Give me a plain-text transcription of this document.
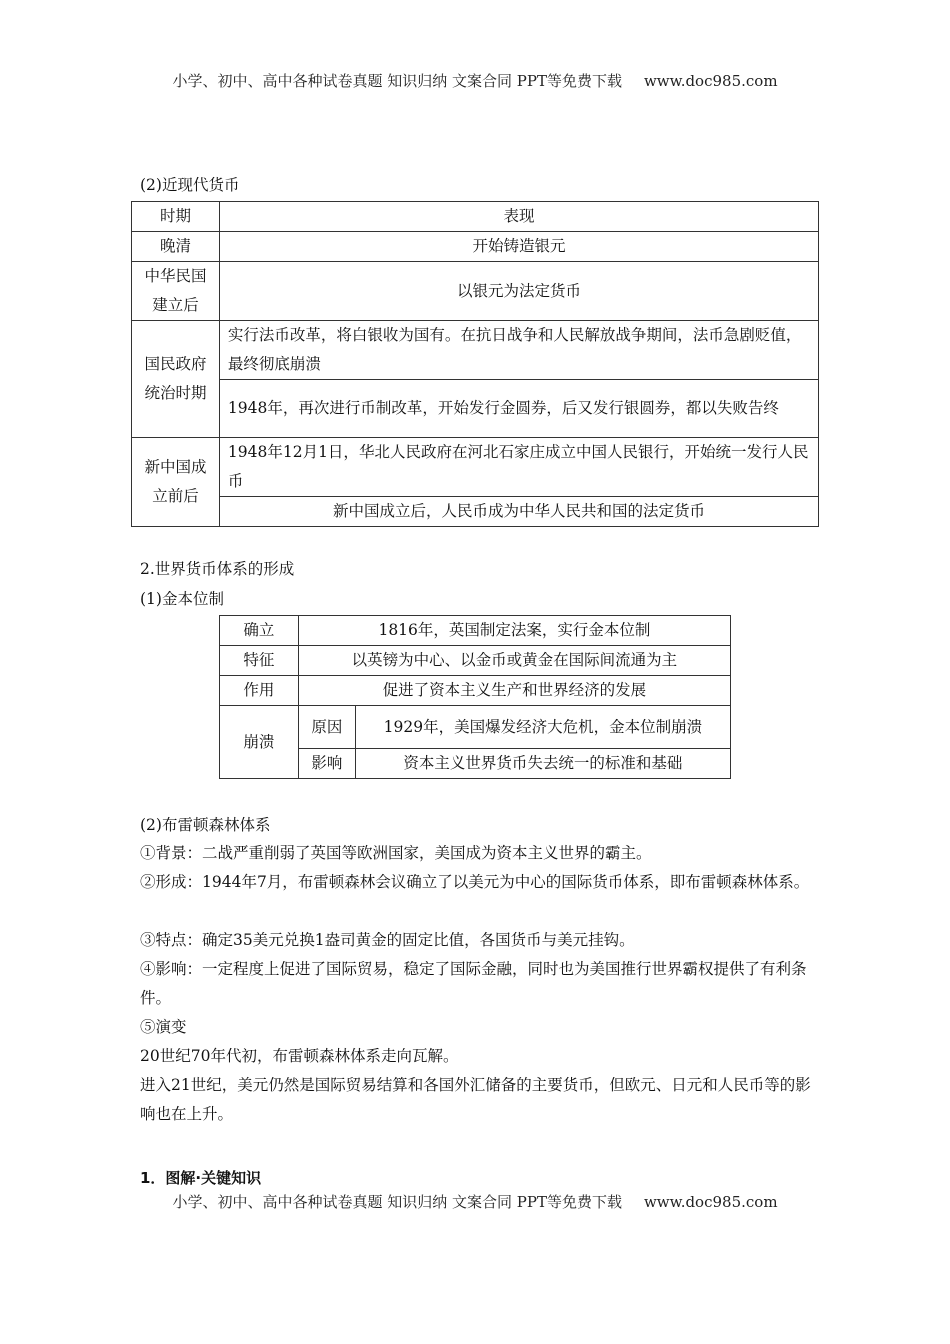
小学、初中、高中各种试卷真题 知识归纳 文案合同 PPT等免费下载 www.doc985.com
(2)近现代货币
时期	表现
晚清	开始铸造银元
中华民国建立后	以银元为法定货币
国民政府统治时期	实行法币改革，将白银收为国有。在抗日战争和人民解放战争期间，法币急剧贬值，最终彻底崩溃
	1948年，再次进行币制改革，开始发行金圆券，后又发行银圆券，都以失败告终
新中国成立前后	1948年12月1日，华北人民政府在河北石家庄成立中国人民银行，开始统一发行人民币
	新中国成立后，人民币成为中华人民共和国的法定货币
2.世界货币体系的形成
(1)金本位制
确立	1816年，英国制定法案，实行金本位制	
特征	以英镑为中心、以金币或黄金在国际间流通为主	
作用	促进了资本主义生产和世界经济的发展	
崩溃	原因	1929年，美国爆发经济大危机，金本位制崩溃
	影响	资本主义世界货币失去统一的标准和基础
(2)布雷顿森林体系
①背景：二战严重削弱了英国等欧洲国家，美国成为资本主义世界的霸主。
②形成：1944年7月，布雷顿森林会议确立了以美元为中心的国际货币体系，即布雷顿森林体系。
③特点：确定35美元兑换1盎司黄金的固定比值，各国货币与美元挂钩。
④影响：一定程度上促进了国际贸易，稳定了国际金融，同时也为美国推行世界霸权提供了有利条件。
⑤演变
20世纪70年代初，布雷顿森林体系走向瓦解。
进入21世纪，美元仍然是国际贸易结算和各国外汇储备的主要货币，但欧元、日元和人民币等的影响也在上升。
1．图解·关键知识
小学、初中、高中各种试卷真题 知识归纳 文案合同 PPT等免费下载 www.doc985.com
